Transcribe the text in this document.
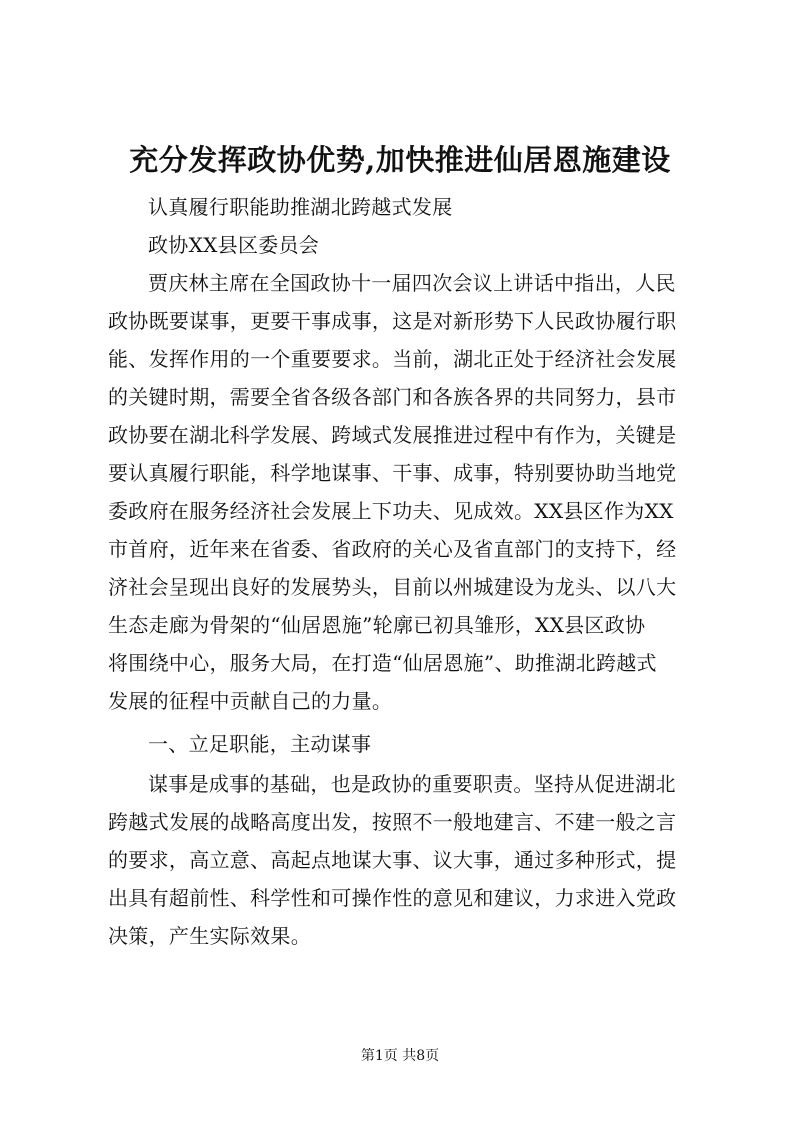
充分发挥政协优势,加快推进仙居恩施建设
认真履行职能助推湖北跨越式发展
政协XX县区委员会
贾庆林主席在全国政协十一届四次会议上讲话中指出，人民
政协既要谋事，更要干事成事，这是对新形势下人民政协履行职
能、发挥作用的一个重要要求。当前，湖北正处于经济社会发展
的关键时期，需要全省各级各部门和各族各界的共同努力，县市
政协要在湖北科学发展、跨域式发展推进过程中有作为，关键是
要认真履行职能，科学地谋事、干事、成事，特别要协助当地党
委政府在服务经济社会发展上下功夫、见成效。XX县区作为XX
市首府，近年来在省委、省政府的关心及省直部门的支持下，经
济社会呈现出良好的发展势头，目前以州城建设为龙头、以八大
生态走廊为骨架的“仙居恩施”轮廓已初具雏形，XX县区政协
将围绕中心，服务大局，在打造“仙居恩施”、助推湖北跨越式
发展的征程中贡献自己的力量。
一、立足职能，主动谋事
谋事是成事的基础，也是政协的重要职责。坚持从促进湖北
跨越式发展的战略高度出发，按照不一般地建言、不建一般之言
的要求，高立意、高起点地谋大事、议大事，通过多种形式，提
出具有超前性、科学性和可操作性的意见和建议，力求进入党政
决策，产生实际效果。
第1页 共8页
